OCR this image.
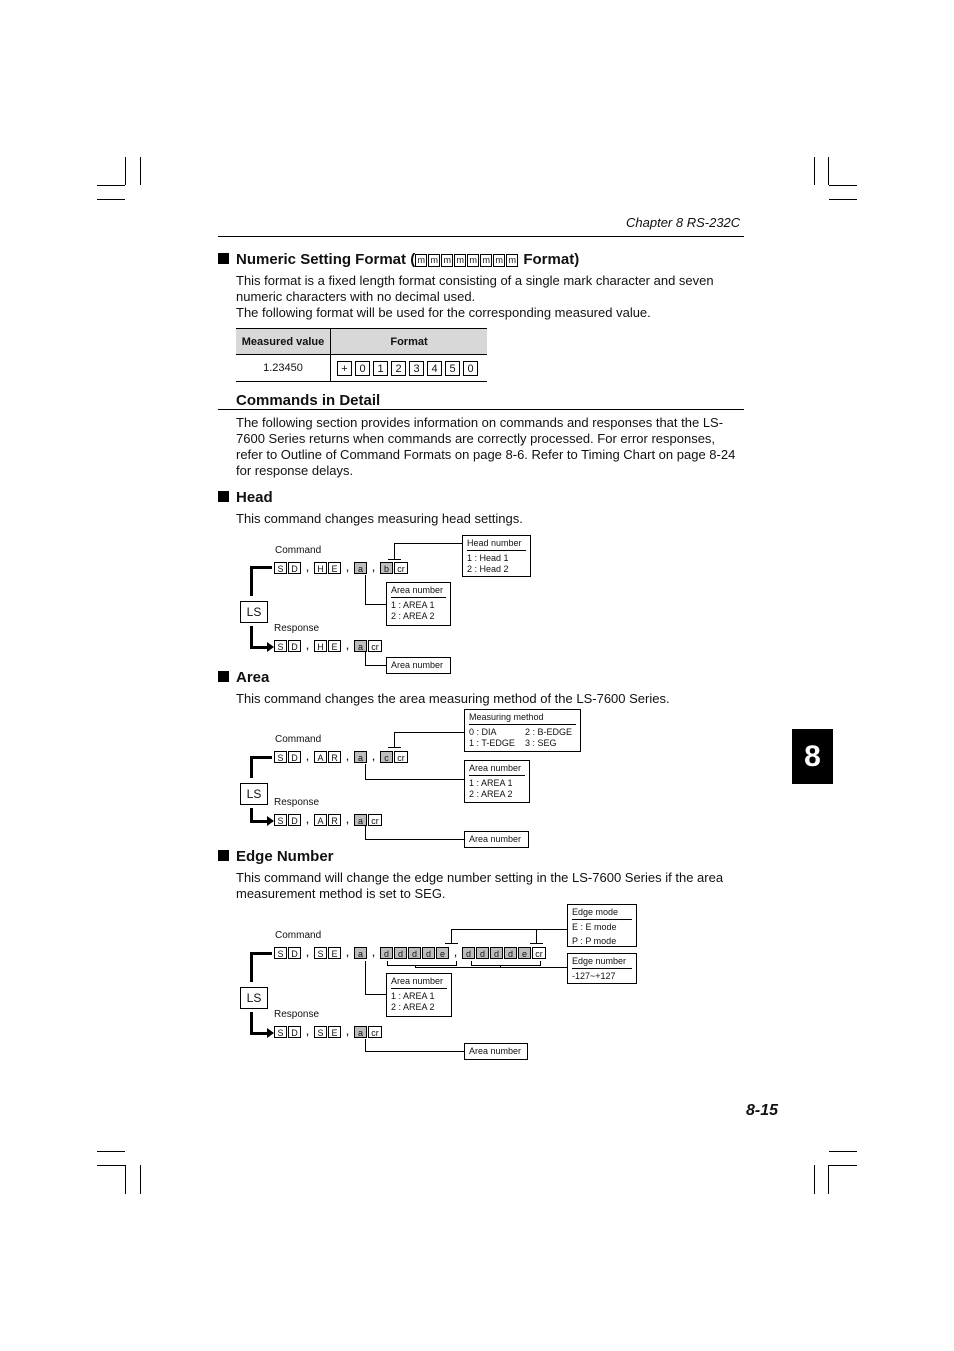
Chapter 8 RS-232C
Numeric Setting Format ( m m m m m m m m Format)
This format is a fixed length format consisting of a single mark character and seven numeric characters with no decimal used.
The following format will be used for the corresponding measured value.
Measured value	Format
1.23450	+ 0 1 2 3 4 5 0
Commands in Detail
The following section provides information on commands and responses that the LS-7600 Series returns when commands are correctly processed. For error responses, refer to Outline of Command Formats on page 8-6. Refer to Timing Chart on page 8-24 for response delays.
Head
This command changes measuring head settings.
Command
S D , H E , a , b cr
Response
S D , H E , a cr
LS
Head number
1 : Head 1
2 : Head 2
Area number
1 : AREA 1
2 : AREA 2
Area number
Area
This command changes the area measuring method of the LS-7600 Series.
Command
S D , A R , a , c cr
Response
S D , A R , a cr
LS
Measuring method
0 : DIA	2 : B-EDGE
1 : T-EDGE 3 : SEG
Area number
1 : AREA 1
2 : AREA 2
Area number
Edge Number
This command will change the edge number setting in the LS-7600 Series if the area measurement method is set to SEG.
Command
S D , S E , a , d d d d e , d d d d e cr
Response
S D , S E , a cr
LS
Edge mode
E : E mode
P : P mode
Edge number
-127~+127
Area number
1 : AREA 1
2 : AREA 2
Area number
8
8-15
